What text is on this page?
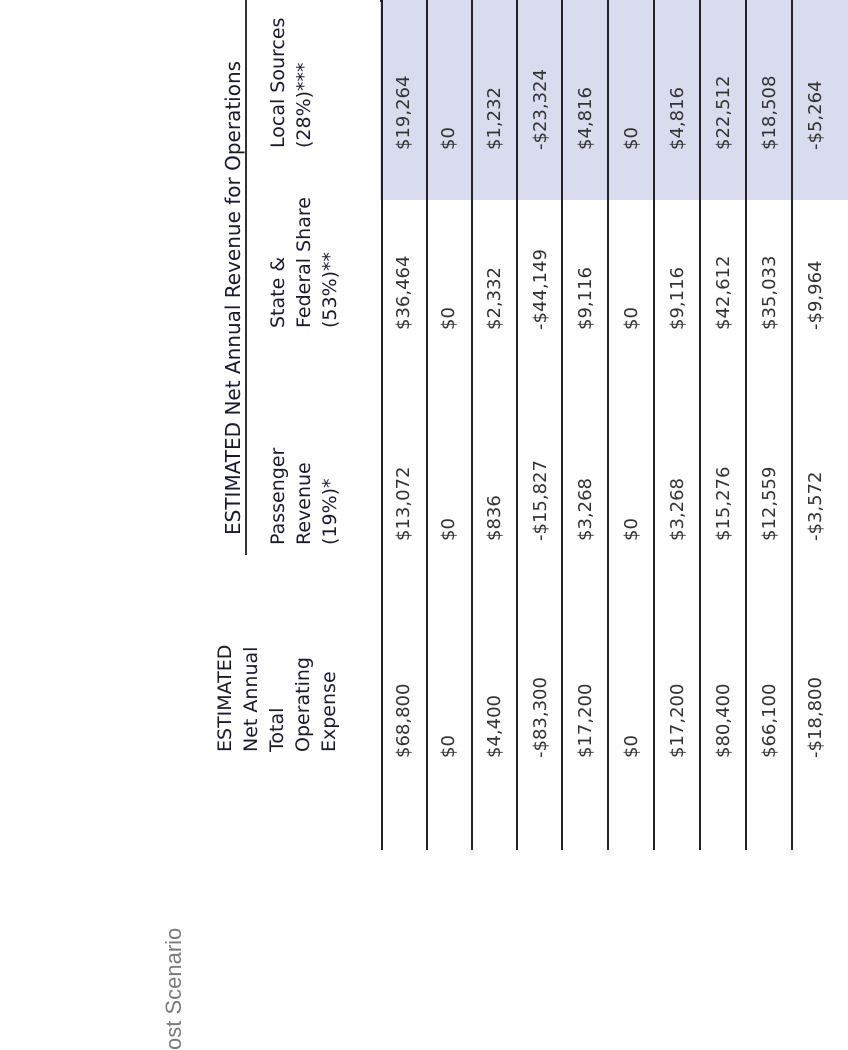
ost Scenario
ESTIMATED
Net Annual
Total
Operating
Expense
ESTIMATED Net Annual Revenue for Operations Passenger
Revenue
(19%)*
State &
Federal Share
(53%)**
Local Sources
(28%)***
$68,800
$13,072
$36,464
$19,264
$0
$0
$0
$0
$4,400
$836
$2,332
$1,232
-$83,300
-$15,827
-$44,149
-$23,324
$17,200
$3,268
$9,116
$4,816
$0
$0
$0
$0
$17,200
$3,268
$9,116
$4,816
$80,400
$15,276
$42,612
$22,512
$66,100
$12,559
$35,033
$18,508
-$18,800
-$3,572
-$9,964
-$5,264
